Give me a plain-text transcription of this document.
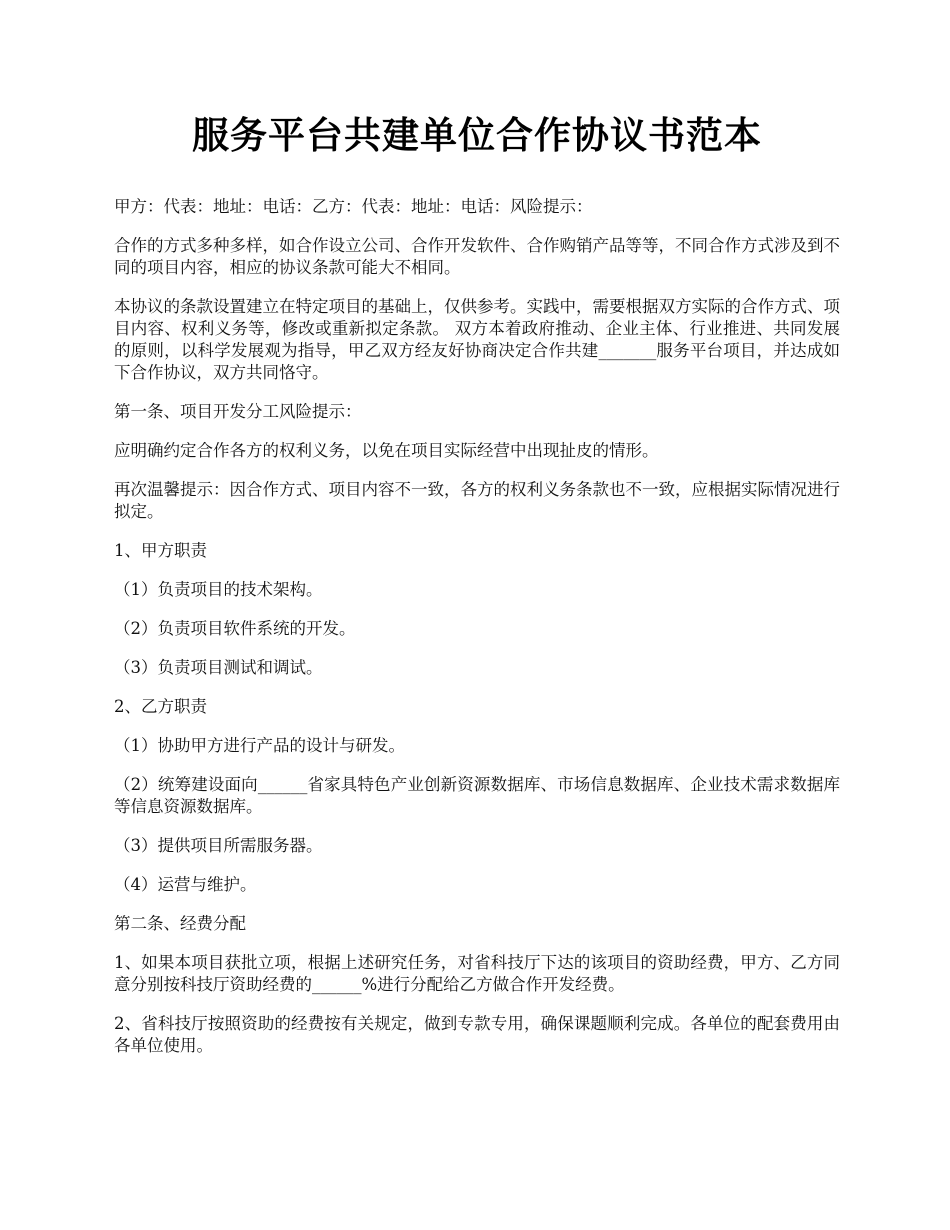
服务平台共建单位合作协议书范本

甲方：代表：地址：电话：乙方：代表：地址：电话：风险提示：

合作的方式多种多样，如合作设立公司、合作开发软件、合作购销产品等等，不同合作方式涉及到不同的项目内容，相应的协议条款可能大不相同。

本协议的条款设置建立在特定项目的基础上，仅供参考。实践中，需要根据双方实际的合作方式、项目内容、权利义务等，修改或重新拟定条款。 双方本着政府推动、企业主体、行业推进、共同发展的原则，以科学发展观为指导，甲乙双方经友好协商决定合作共建_______服务平台项目，并达成如下合作协议，双方共同恪守。

第一条、项目开发分工风险提示：

应明确约定合作各方的权利义务，以免在项目实际经营中出现扯皮的情形。

再次温馨提示：因合作方式、项目内容不一致，各方的权利义务条款也不一致，应根据实际情况进行拟定。

1、甲方职责

（1）负责项目的技术架构。

（2）负责项目软件系统的开发。

（3）负责项目测试和调试。

2、乙方职责

（1）协助甲方进行产品的设计与研发。

（2）统筹建设面向______省家具特色产业创新资源数据库、市场信息数据库、企业技术需求数据库等信息资源数据库。

（3）提供项目所需服务器。

（4）运营与维护。

第二条、经费分配

1、如果本项目获批立项，根据上述研究任务，对省科技厅下达的该项目的资助经费，甲方、乙方同意分别按科技厅资助经费的______%进行分配给乙方做合作开发经费。

2、省科技厅按照资助的经费按有关规定，做到专款专用，确保课题顺利完成。各单位的配套费用由各单位使用。
